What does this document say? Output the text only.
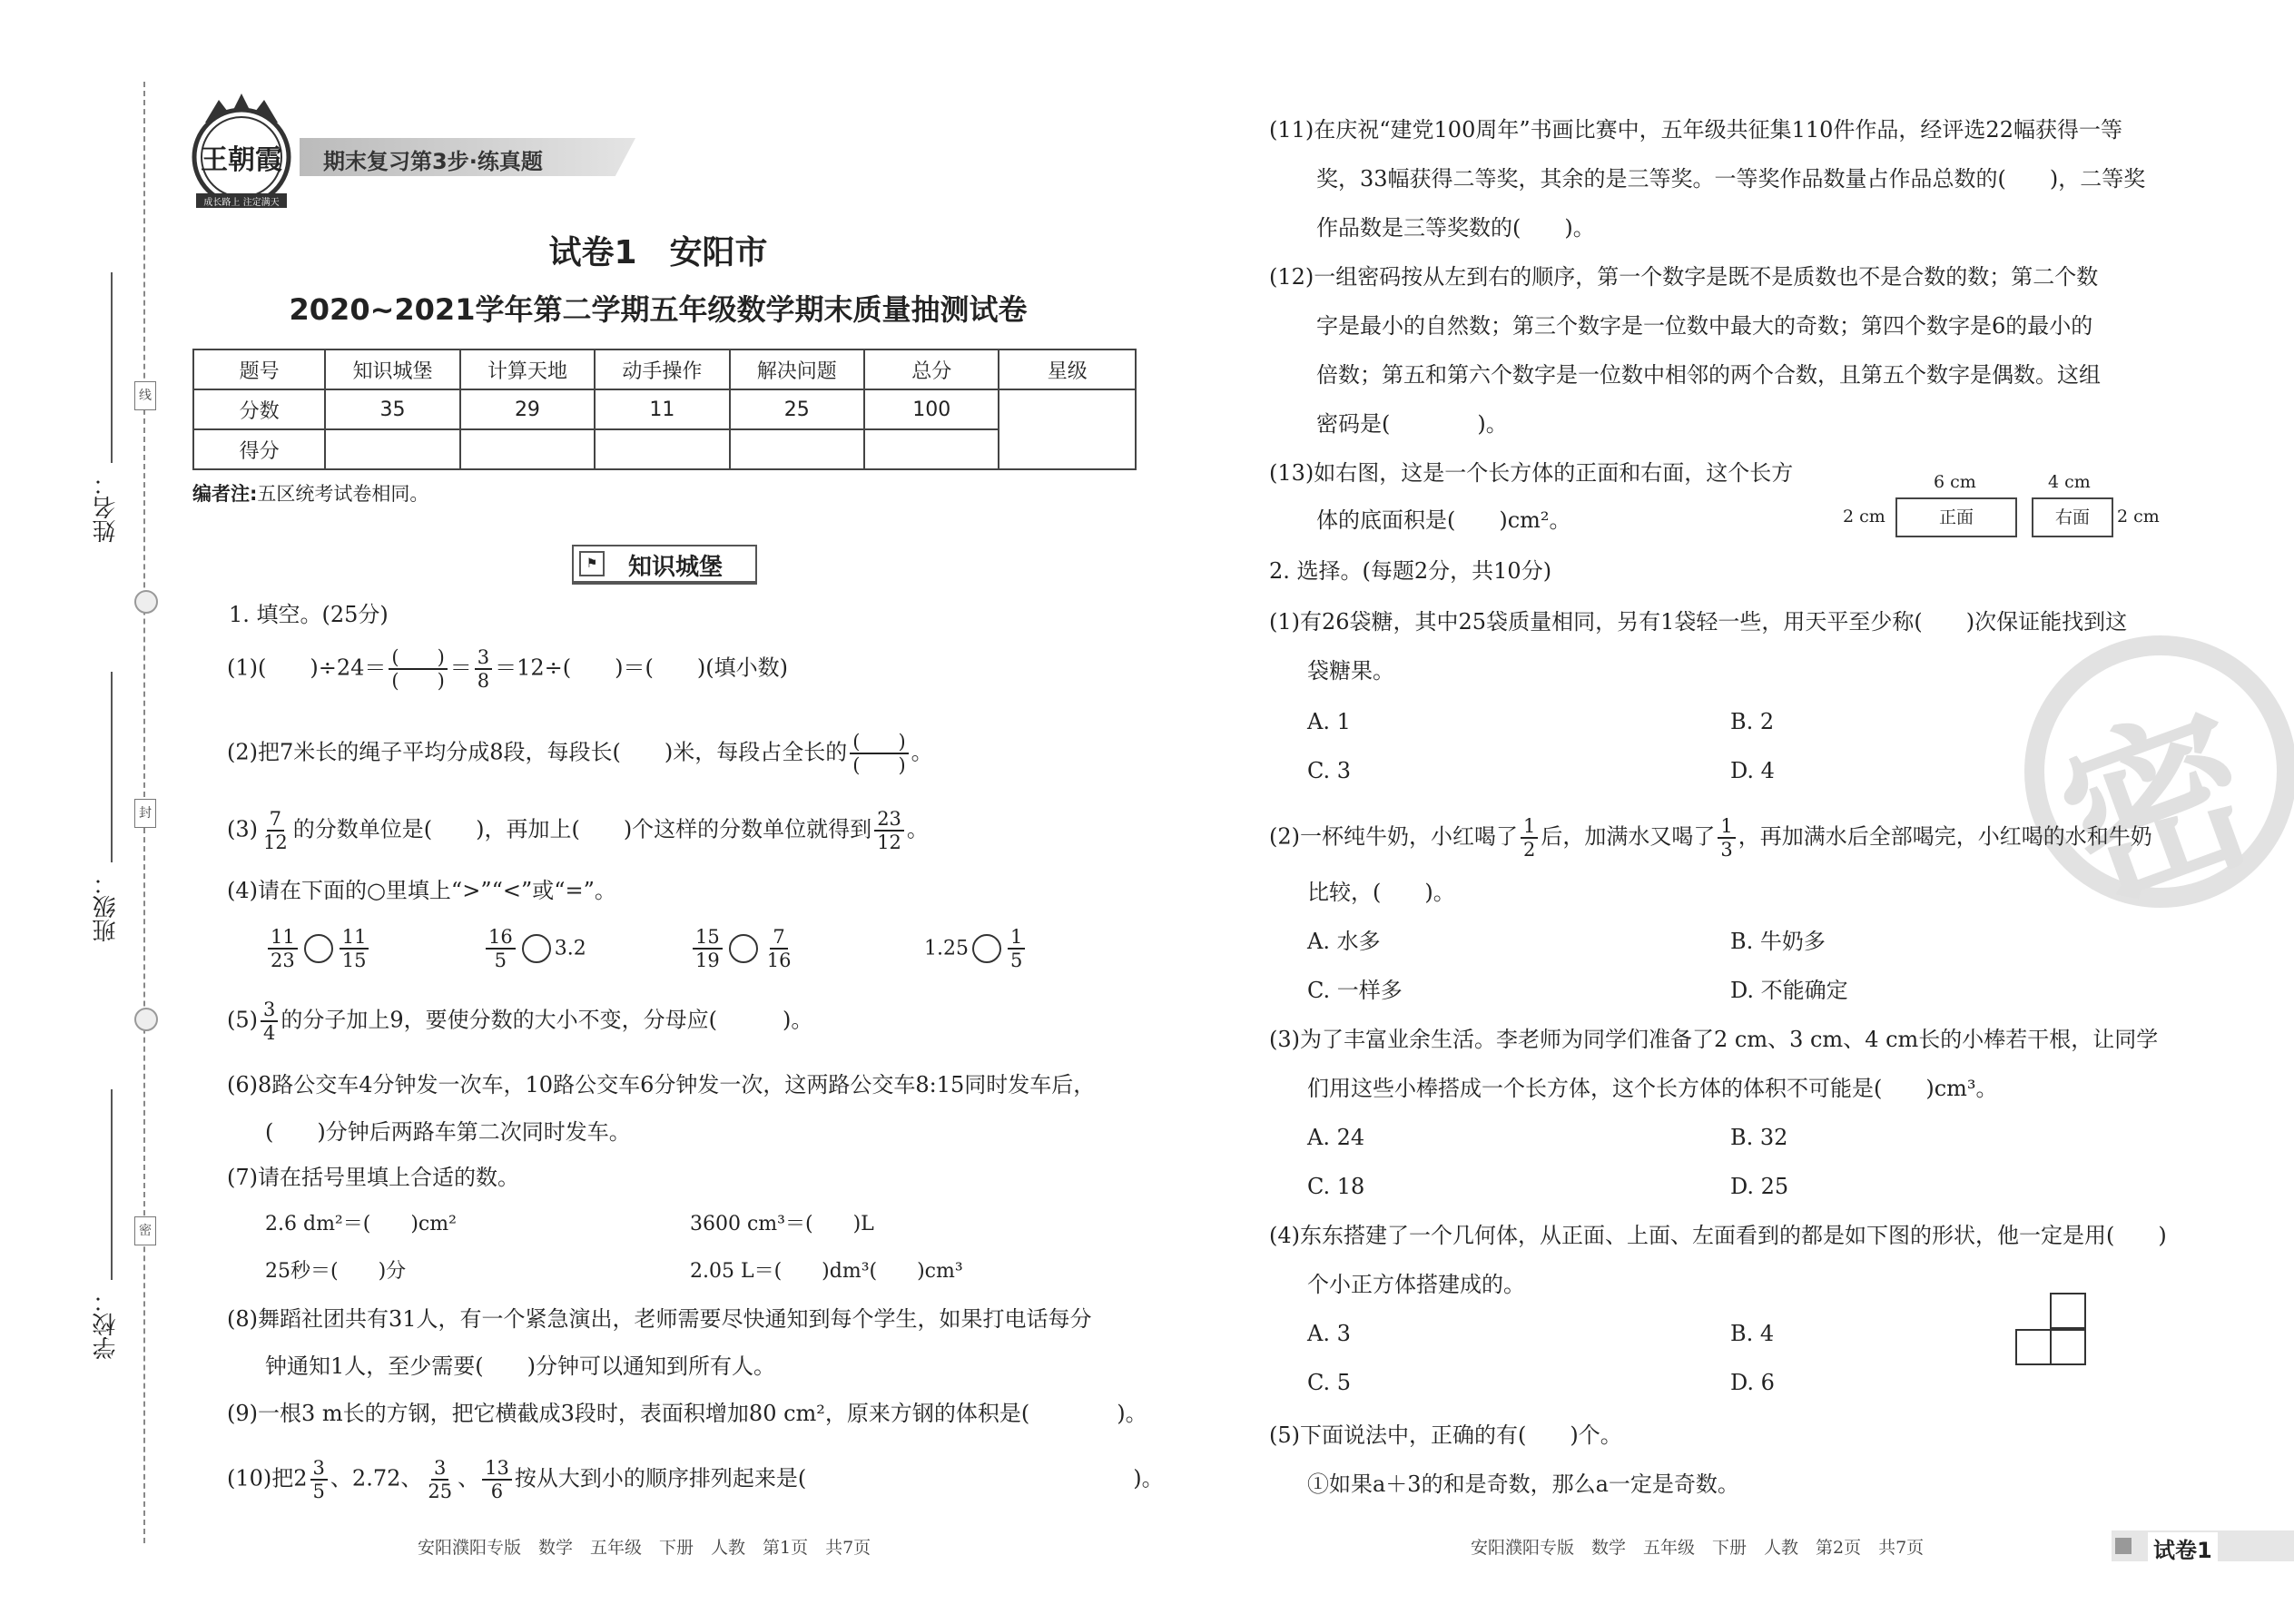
姓名：
班级：
学校：
线
封
密
王朝霞
成长路上 注定满天
期末复习第3步·练真题
试卷1　安阳市
2020~2021学年第二学期五年级数学期末质量抽测试卷
题号	知识城堡	计算天地	动手操作	解决问题	总分	星级
分数	35	29	11	25	100	
得分						
编者注:五区统考试卷相同。
⚑ 知识城堡
1. 填空。(25分)
(1)(　　)$\div 24= \frac{( )}{( )} = \frac{3}{8} =12\div$(　　)＝(　　)(填小数)
(2)把7米长的绳子平均分成8段，每段长(　　)米，每段占全长的 $\frac{( )}{( )}$ 。
$(3) \frac{7}{12}$ 的分数单位是(　　)，再加上(　　)个这样的分数单位就得到 $\frac{23}{12}$ 。
(4)请在下面的○里填上“>”“<”或“=”。
$\frac{11}{23} \frac{11}{15}$	$\frac{16}{5} 3.2$	$\frac{15}{19} \frac{7}{16}$	$1.25 \frac{1}{5}$
$(5) \frac{3}{4}$ 的分子加上9，要使分数的大小不变，分母应(　　　)。
(6)8路公交车4分钟发一次车，10路公交车6分钟发一次，这两路公交车8:15同时发车后，
(　　)分钟后两路车第二次同时发车。
(7)请在括号里填上合适的数。
2.6 dm²＝(　　)cm²	3600 cm³＝(　　)L
25秒＝(　　)分	2.05 L＝(　　)dm³(　　)cm³
(8)舞蹈社团共有31人，有一个紧急演出，老师需要尽快通知到每个学生，如果打电话每分
钟通知1人，至少需要(　　)分钟可以通知到所有人。
(9)一根3 m长的方钢，把它横截成3段时，表面积增加80 cm²，原来方钢的体积是(　　　　)。
(10)把$2 \frac{3}{5}$ 、2.72、 $\frac{3}{25}$ 、 $\frac{13}{6}$ 按从大到小的顺序排列起来是(	)。
安阳濮阳专版　数学　五年级　下册　人教　第1页　共7页
密
(11)在庆祝“建党100周年”书画比赛中，五年级共征集110件作品，经评选22幅获得一等
奖，33幅获得二等奖，其余的是三等奖。一等奖作品数量占作品总数的(　　)，二等奖
作品数是三等奖数的(　　)。
(12)一组密码按从左到右的顺序，第一个数字是既不是质数也不是合数的数；第二个数
字是最小的自然数；第三个数字是一位数中最大的奇数；第四个数字是6的最小的
倍数；第五和第六个数字是一位数中相邻的两个合数，且第五个数字是偶数。这组
密码是(　　　　)。
(13)如右图，这是一个长方体的正面和右面，这个长方
体的底面积是(　　)cm²。
6 cm	4 cm
2 cm	正面	右面	2 cm
2. 选择。(每题2分，共10分)
(1)有26袋糖，其中25袋质量相同，另有1袋轻一些，用天平至少称(　　)次保证能找到这
袋糖果。
A. 1	B. 2
C. 3	D. 4
(2)一杯纯牛奶，小红喝了 $\frac{1}{2}$ 后，加满水又喝了 $\frac{1}{3}$ ，再加满水后全部喝完，小红喝的水和牛奶
比较，(　　)。
A. 水多	B. 牛奶多
C. 一样多	D. 不能确定
(3)为了丰富业余生活。李老师为同学们准备了2 cm、3 cm、4 cm长的小棒若干根，让同学
们用这些小棒搭成一个长方体，这个长方体的体积不可能是(　　)cm³。
A. 24	B. 32
C. 18	D. 25
(4)东东搭建了一个几何体，从正面、上面、左面看到的都是如下图的形状，他一定是用(　　)
个小正方体搭建成的。
A. 3	B. 4
C. 5	D. 6
(5)下面说法中，正确的有(　　)个。
①如果a＋3的和是奇数，那么a一定是奇数。
安阳濮阳专版　数学　五年级　下册　人教　第2页　共7页	试卷1
